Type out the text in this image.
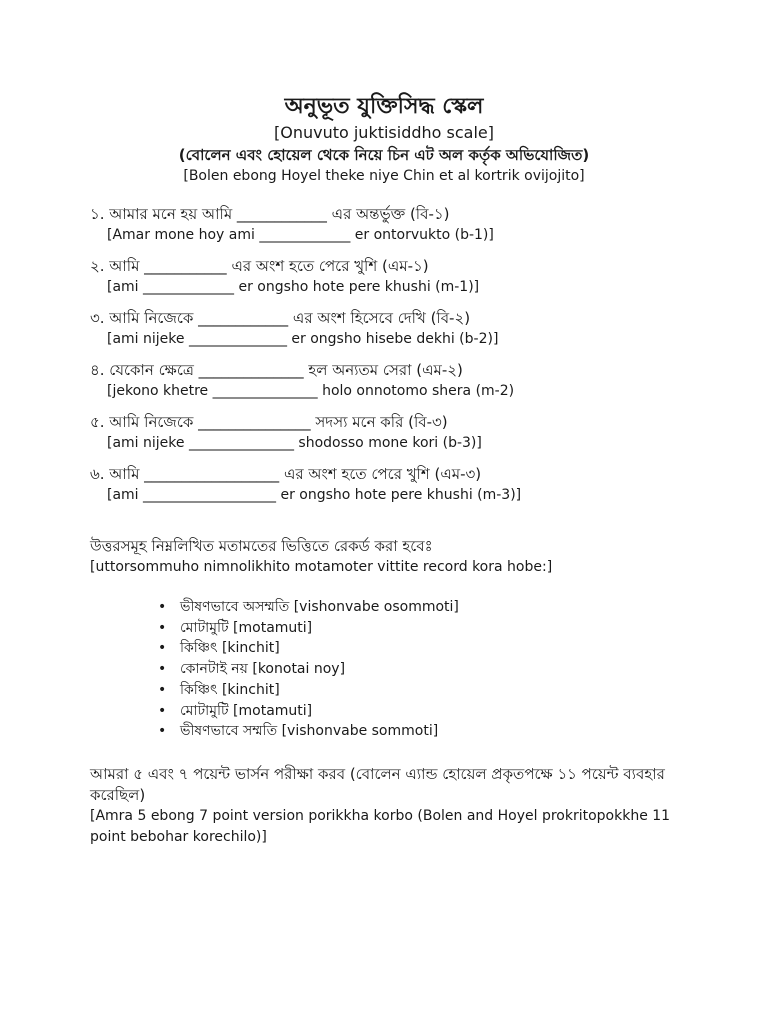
অনুভূত যুক্তিসিদ্ধ স্কেল

[Onuvuto juktisiddho scale]

(বোলেন এবং হোয়েল থেকে নিয়ে চিন এট অল কর্তৃক অভিযোজিত)

[Bolen ebong Hoyel theke niye Chin et al kortrik ovijojito]

১. আমার মনে হয় আমি ____________ এর অন্তর্ভুক্ত (বি-১)

[Amar mone hoy ami _____________ er ontorvukto (b-1)]

২. আমি ___________ এর অংশ হতে পেরে খুশি (এম-১)

[ami _____________ er ongsho hote pere khushi (m-1)]

৩. আমি নিজেকে ____________ এর অংশ হিসেবে দেখি (বি-২)

[ami nijeke ______________ er ongsho hisebe dekhi (b-2)]

৪. যেকোন ক্ষেত্রে ______________ হল অন্যতম সেরা (এম-২)

[jekono khetre _______________ holo onnotomo shera (m-2)

৫. আমি নিজেকে _______________ সদস্য মনে করি (বি-৩)

[ami nijeke _______________ shodosso mone kori (b-3)]

৬. আমি __________________ এর অংশ হতে পেরে খুশি (এম-৩)

[ami ___________________ er ongsho hote pere khushi (m-3)]

উত্তরসমূহ নিম্নলিখিত মতামতের ভিত্তিতে রেকর্ড করা হবেঃ

[uttorsommuho nimnolikhito motamoter vittite record kora hobe:]

• ভীষণভাবে অসম্মতি [vishonvabe osommoti]
• মোটামুটি [motamuti]
• কিঞ্চিৎ [kinchit]
• কোনটাই নয় [konotai noy]
• কিঞ্চিৎ [kinchit]
• মোটামুটি [motamuti]
• ভীষণভাবে সম্মতি [vishonvabe sommoti]

আমরা ৫ এবং ৭ পয়েন্ট ভার্সন পরীক্ষা করব (বোলেন এ্যান্ড হোয়েল প্রকৃতপক্ষে ১১ পয়েন্ট ব্যবহার করেছিল)

[Amra 5 ebong 7 point version porikkha korbo (Bolen and Hoyel prokritopokkhe 11 point bebohar korechilo)]
